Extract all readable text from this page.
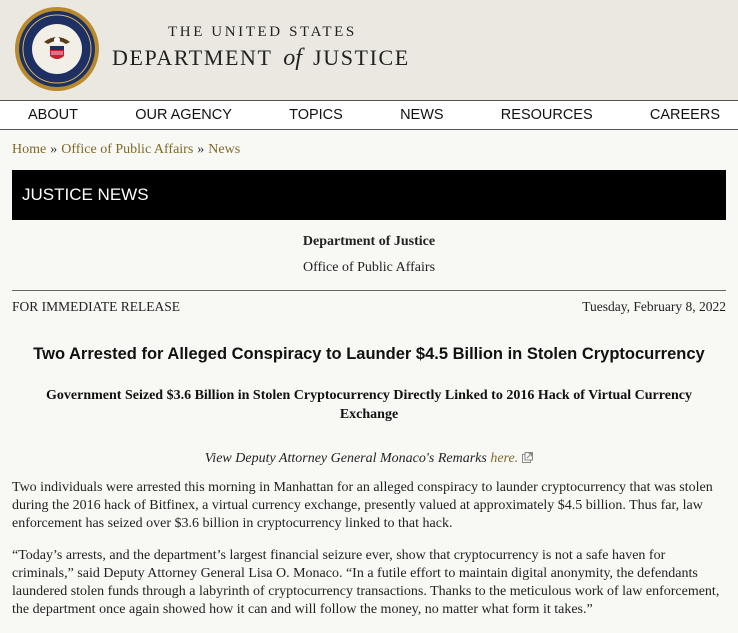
THE UNITED STATES
DEPARTMENT of JUSTICE
ABOUT	OUR AGENCY	TOPICS	NEWS	RESOURCES	CAREERS
Home » Office of Public Affairs » News
JUSTICE NEWS
Department of Justice
Office of Public Affairs
FOR IMMEDIATE RELEASE	Tuesday, February 8, 2022
Two Arrested for Alleged Conspiracy to Launder $4.5 Billion in Stolen Cryptocurrency
Government Seized $3.6 Billion in Stolen Cryptocurrency Directly Linked to 2016 Hack of Virtual Currency Exchange
View Deputy Attorney General Monaco's Remarks here.

Two individuals were arrested this morning in Manhattan for an alleged conspiracy to launder cryptocurrency that was stolen during the 2016 hack of Bitfinex, a virtual currency exchange, presently valued at approximately $4.5 billion. Thus far, law enforcement has seized over $3.6 billion in cryptocurrency linked to that hack.

“Today’s arrests, and the department’s largest financial seizure ever, show that cryptocurrency is not a safe haven for criminals,” said Deputy Attorney General Lisa O. Monaco. “In a futile effort to maintain digital anonymity, the defendants laundered stolen funds through a labyrinth of cryptocurrency transactions. Thanks to the meticulous work of law enforcement, the department once again showed how it can and will follow the money, no matter what form it takes.”
